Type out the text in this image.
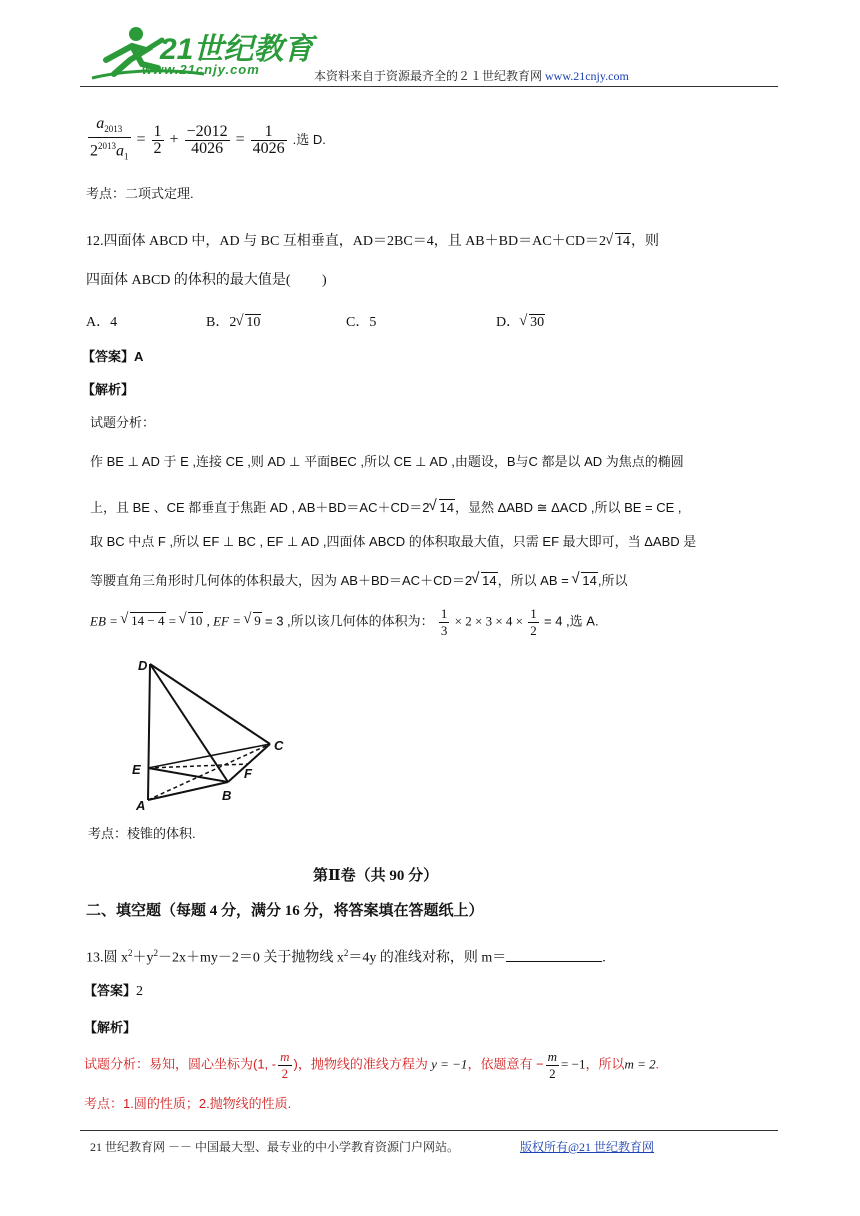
21世纪教育
www.21cnjy.com	本资料来自于资源最齐全的２１世纪教育网 www.21cnjy.com
$\frac{a_{2013}}{2^{2013}a_1} = \frac{1}{2} + \frac{-2012}{4026} = \frac{1}{4026}$ .选 D.
考点：二项式定理.
12.四面体 ABCD 中，AD 与 BC 互相垂直，AD＝2BC＝4，且 AB＋BD＝AC＋CD＝2 √ 14，则
四面体 ABCD 的体积的最大值是(　　 )
A．4	B．2 √ 10	C．5	D． √ 30
【答案】A
【解析】
试题分析：
作 BE ⊥ AD 于 E ,连接 CE ,则 AD ⊥ 平面BEC ,所以 CE ⊥ AD ,由题设，B与C 都是以 AD 为焦点的椭圆
上，且 BE 、CE 都垂直于焦距 AD , AB＋BD＝AC＋CD＝2 √ 14，显然 ΔABD ≅ ΔACD ,所以 BE = CE ,
取 BC 中点 F ,所以 EF ⊥ BC , EF ⊥ AD ,四面体 ABCD 的体积取最大值，只需 EF 最大即可，当 ΔABD 是
等腰直角三角形时几何体的体积最大，因为 AB＋BD＝AC＋CD＝2 √ 14，所以 AB = √ 14,所以
EB = √ 14 − 4 = √ 10 , EF = √ 9 = 3 ,所以该几何体的体积为： $\frac{1}{3} \times 2 \times 3 \times 4 \times \frac{1}{2} = 4$ ,选 A.
D
C
E	F
A
B
考点：棱锥的体积.
第Ⅱ卷（共 90 分）
二、填空题（每题 4 分，满分 16 分，将答案填在答题纸上）
13.圆 $x^2+y^2-2x+my-2=0$ 关于抛物线 $x^2=4y$ 的准线对称，则 m＝	.
【答案】2
【解析】
试题分析：易知，圆心坐标为(1, - $\frac{m}{2}$ )，抛物线的准线方程为 y = −1，依题意有 − $\frac{m}{2} = -1$，所以m = 2.
考点：1.圆的性质；2.抛物线的性质.
21 世纪教育网 －－ 中国最大型、最专业的中小学教育资源门户网站。	版权所有@21 世纪教育网
